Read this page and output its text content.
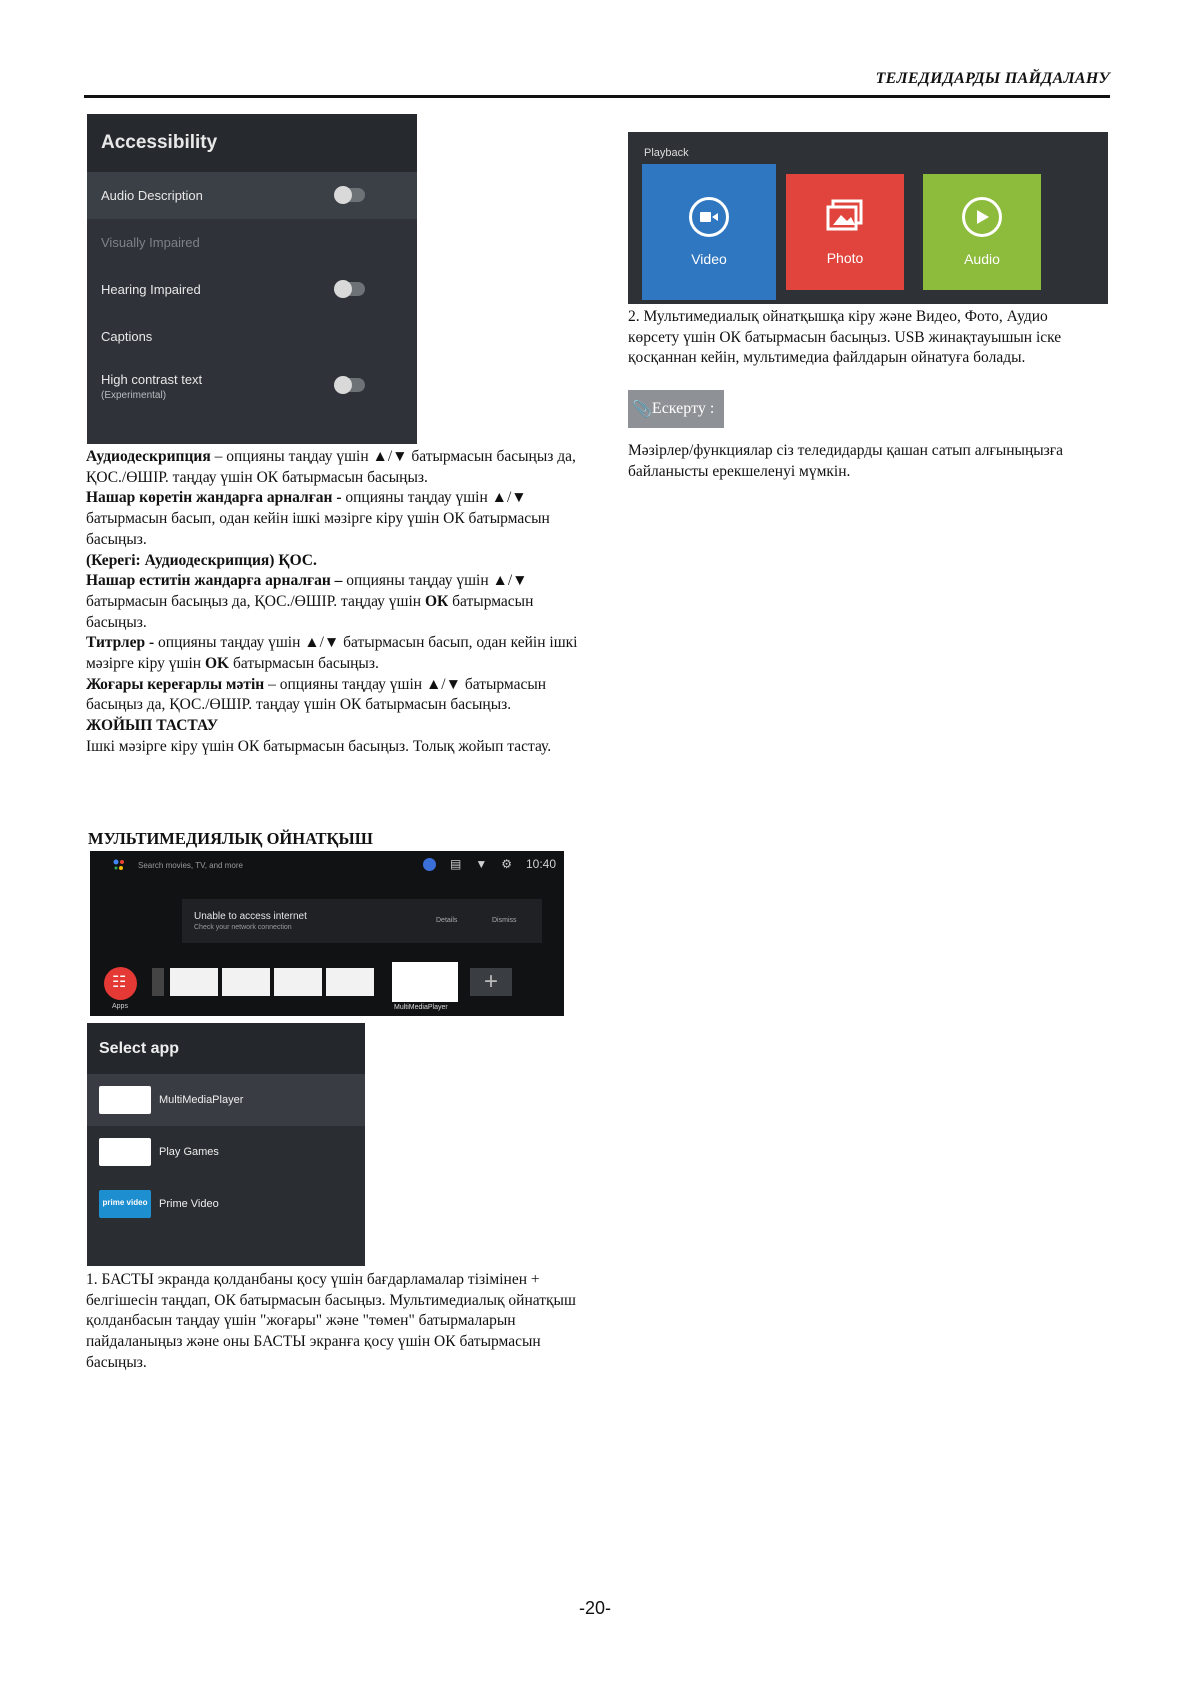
ТЕЛЕДИДАРДЫ ПАЙДАЛАНУ
Accessibility
Audio Description
Visually Impaired
Hearing Impaired
Captions
High contrast text
(Experimental)

Аудиодескрипция – опцияны таңдау үшін ▲/▼ батырмасын басыңыз да, ҚОС./ӨШІР. таңдау үшін ОК батырмасын басыңыз.

Нашар көретін жандарға арналған - опцияны таңдау үшін ▲/▼ батырмасын басып, одан кейін ішкі мәзірге кіру үшін ОК батырмасын басыңыз.

(Керегі: Аудиодескрипция) ҚОС.

Нашар еститін жандарға арналған – опцияны таңдау үшін ▲/▼ батырмасын басыңыз да, ҚОС./ӨШІР. таңдау үшін ОК батырмасын басыңыз.

Титрлер - опцияны таңдау үшін ▲/▼ батырмасын басып, одан кейін ішкі мәзірге кіру үшін OK батырмасын басыңыз.

Жоғары кереғарлы мәтін – опцияны таңдау үшін ▲/▼ батырмасын басыңыз да, ҚОС./ӨШІР. таңдау үшін ОК батырмасын басыңыз.

ЖОЙЫП ТАСТАУ

Ішкі мәзірге кіру үшін ОК батырмасын басыңыз. Толық жойып тастау.

МУЛЬТИМЕДИЯЛЫҚ ОЙНАТҚЫШ
Search movies, TV, and more	▤ ▼ ⚙ 10:40
Unable to access internet
Check your network connection
Details	Dismiss
☷
Apps	MultiMediaPlayer
+
Select app
MultiMediaPlayer
Play Games
prime video	Prime Video

1. БАСТЫ экранда қолданбаны қосу үшін бағдарламалар тізімінен + белгішесін таңдап, ОК батырмасын басыңыз. Мультимедиалық ойнатқыш қолданбасын таңдау үшін "жоғары" және "төмен" батырмаларын пайдаланыңыз және оны БАСТЫ экранға қосу үшін ОК батырмасын басыңыз.

Playback
Video	Photo	Audio

2. Мультимедиалық ойнатқышқа кіру және Видео, Фото, Аудио көрсету үшін ОК батырмасын басыңыз. USB жинақтауышын іске қосқаннан кейін, мультимедиа файлдарын ойнатуға болады.

📎 Ескерту :

Мәзірлер/функциялар сіз теледидарды қашан сатып алғыныңызға байланысты ерекшеленуі мүмкін.

-20-
